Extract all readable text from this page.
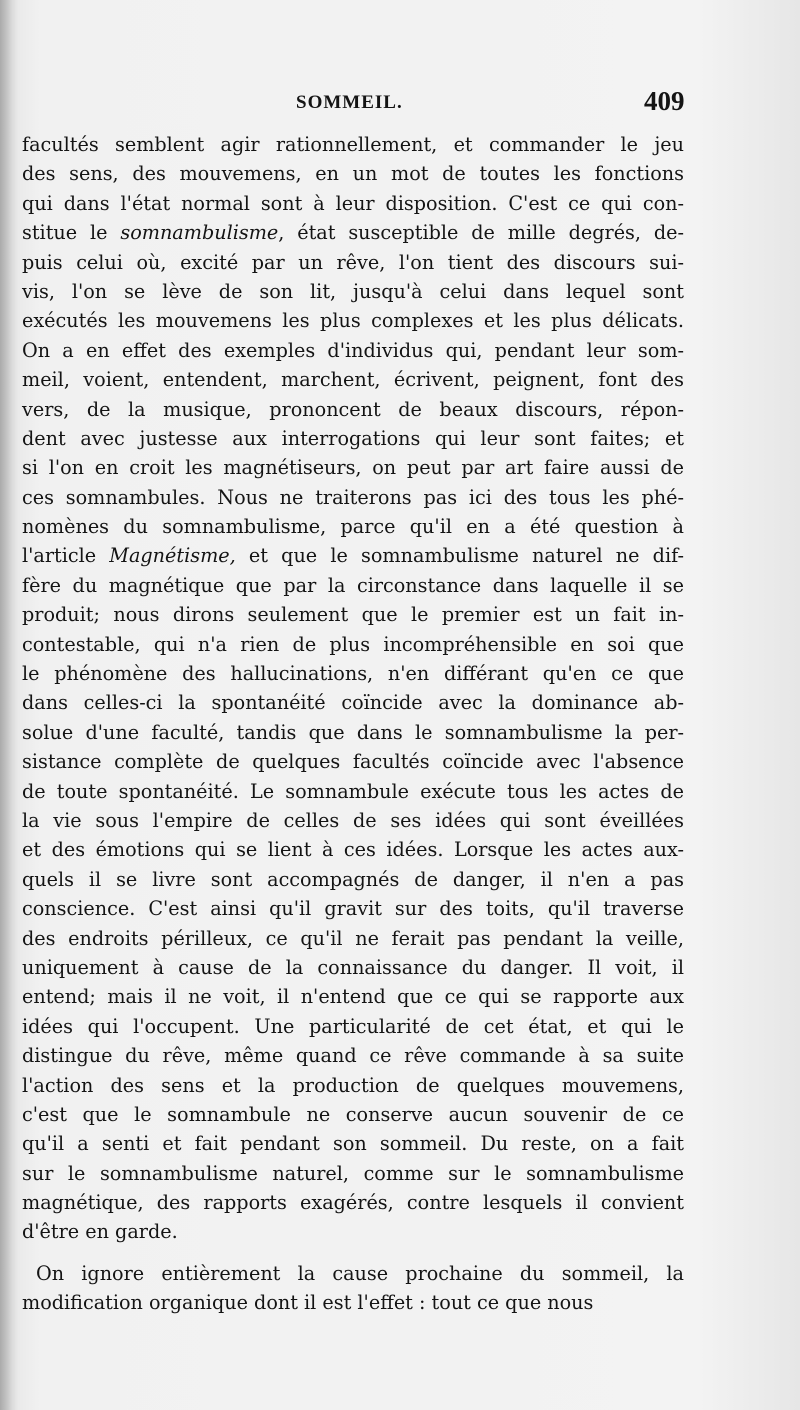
SOMMEIL.	409
facultés semblent agir rationnellement, et commander le jeu
des sens, des mouvemens, en un mot de toutes les fonctions
qui dans l'état normal sont à leur disposition. C'est ce qui con-
stitue le somnambulisme, état susceptible de mille degrés, de-
puis celui où, excité par un rêve, l'on tient des discours sui-
vis, l'on se lève de son lit, jusqu'à celui dans lequel sont
exécutés les mouvemens les plus complexes et les plus délicats.
On a en effet des exemples d'individus qui, pendant leur som-
meil, voient, entendent, marchent, écrivent, peignent, font des
vers, de la musique, prononcent de beaux discours, répon-
dent avec justesse aux interrogations qui leur sont faites; et
si l'on en croit les magnétiseurs, on peut par art faire aussi de
ces somnambules. Nous ne traiterons pas ici des tous les phé-
nomènes du somnambulisme, parce qu'il en a été question à
l'article Magnétisme, et que le somnambulisme naturel ne dif-
fère du magnétique que par la circonstance dans laquelle il se
produit; nous dirons seulement que le premier est un fait in-
contestable, qui n'a rien de plus incompréhensible en soi que
le phénomène des hallucinations, n'en différant qu'en ce que
dans celles-ci la spontanéité coïncide avec la dominance ab-
solue d'une faculté, tandis que dans le somnambulisme la per-
sistance complète de quelques facultés coïncide avec l'absence
de toute spontanéité. Le somnambule exécute tous les actes de
la vie sous l'empire de celles de ses idées qui sont éveillées
et des émotions qui se lient à ces idées. Lorsque les actes aux-
quels il se livre sont accompagnés de danger, il n'en a pas
conscience. C'est ainsi qu'il gravit sur des toits, qu'il traverse
des endroits périlleux, ce qu'il ne ferait pas pendant la veille,
uniquement à cause de la connaissance du danger. Il voit, il
entend; mais il ne voit, il n'entend que ce qui se rapporte aux
idées qui l'occupent. Une particularité de cet état, et qui le
distingue du rêve, même quand ce rêve commande à sa suite
l'action des sens et la production de quelques mouvemens,
c'est que le somnambule ne conserve aucun souvenir de ce
qu'il a senti et fait pendant son sommeil. Du reste, on a fait
sur le somnambulisme naturel, comme sur le somnambulisme
magnétique, des rapports exagérés, contre lesquels il convient
d'être en garde.
On ignore entièrement la cause prochaine du sommeil, la
modification organique dont il est l'effet : tout ce que nous
